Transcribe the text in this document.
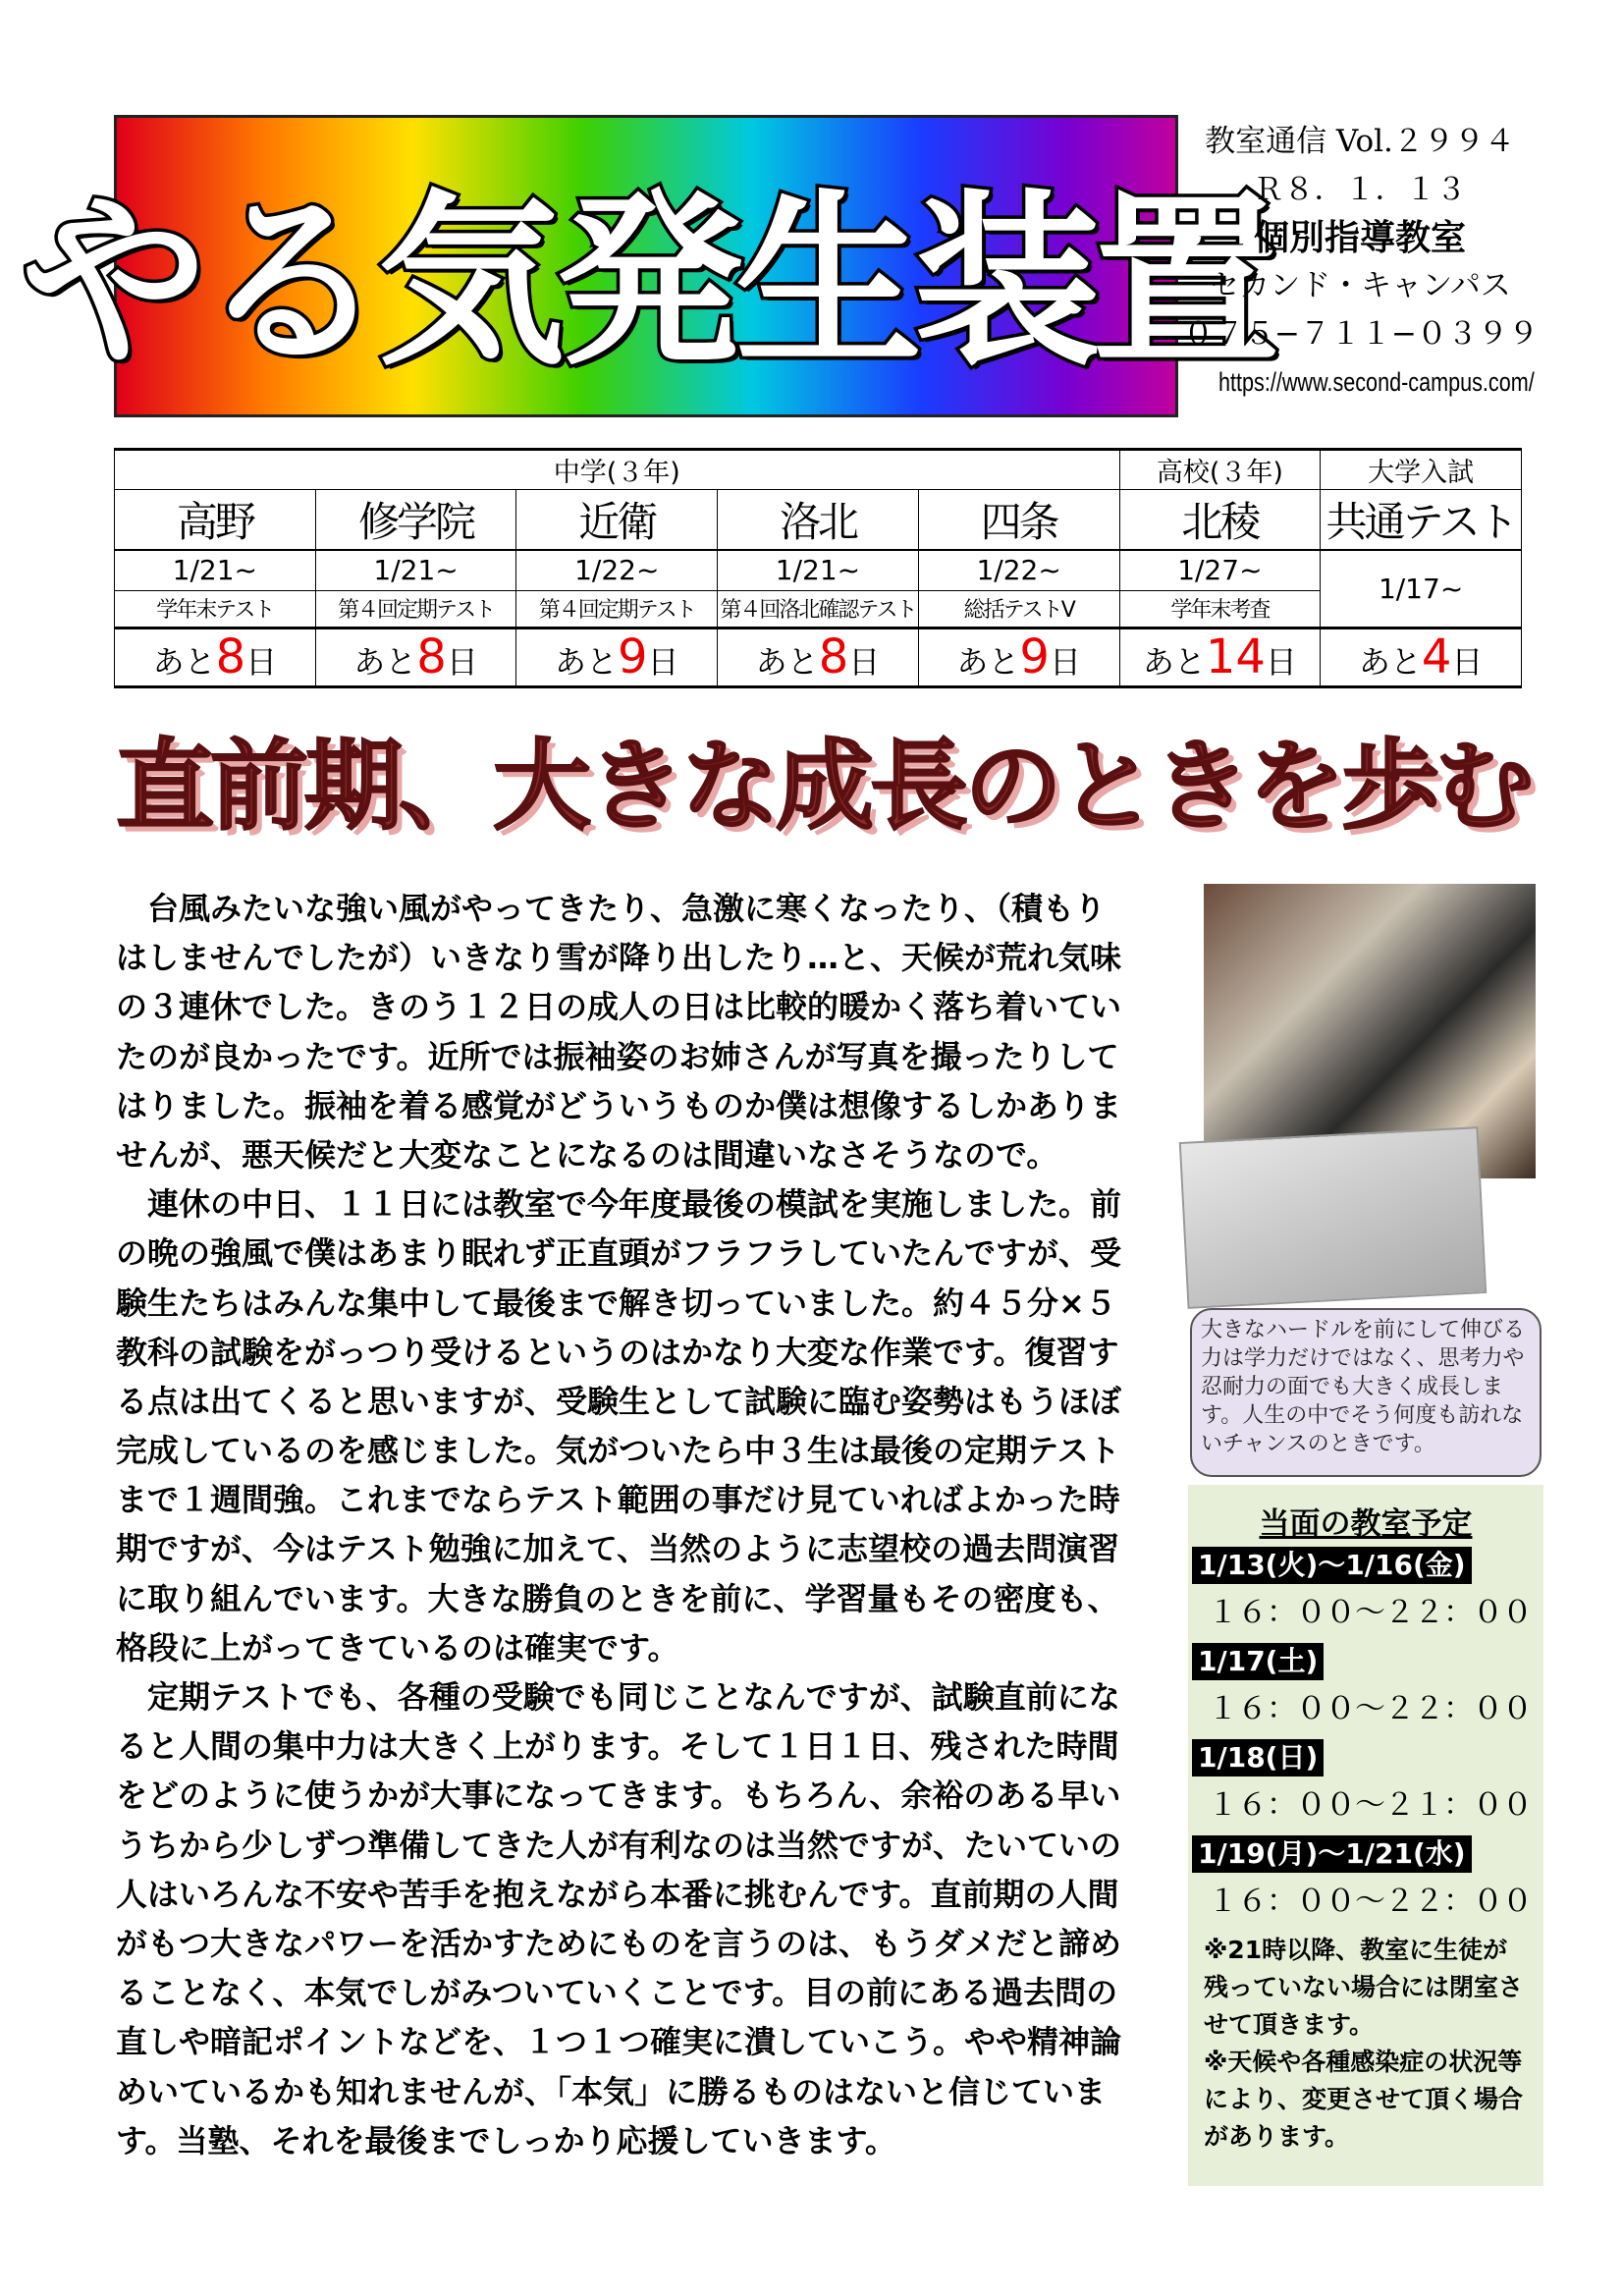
やる気発生装置
教室通信 Vol.２９９４
Ｒ８．１．１３
個別指導教室
セカンド・キャンパス
０７５−７１１−０３９９
https://www.second-campus.com/
中学(３年)					高校(３年)	大学入試
高野	修学院	近衛	洛北	四条	北稜	共通テスト
1/21~	1/21~	1/22~	1/21~	1/22~	1/27~	1/17~
学年末テスト	第４回定期テスト	第４回定期テスト	第４回洛北確認テスト	総括テストⅤ	学年末考査	
あと8日	あと8日	あと9日	あと8日	あと9日	あと14日	あと4日
直前期、大きな成長のときを歩む

　台風みたいな強い風がやってきたり、急激に寒くなったり、（積もり

はしませんでしたが）いきなり雪が降り出したり…と、天候が荒れ気味

の３連休でした。きのう１２日の成人の日は比較的暖かく落ち着いてい

たのが良かったです。近所では振袖姿のお姉さんが写真を撮ったりして

はりました。振袖を着る感覚がどういうものか僕は想像するしかありま

せんが、悪天候だと大変なことになるのは間違いなさそうなので。

　連休の中日、１１日には教室で今年度最後の模試を実施しました。前

の晩の強風で僕はあまり眠れず正直頭がフラフラしていたんですが、受

験生たちはみんな集中して最後まで解き切っていました。約４５分×５

教科の試験をがっつり受けるというのはかなり大変な作業です。復習す

る点は出てくると思いますが、受験生として試験に臨む姿勢はもうほぼ

完成しているのを感じました。気がついたら中３生は最後の定期テスト

まで１週間強。これまでならテスト範囲の事だけ見ていればよかった時

期ですが、今はテスト勉強に加えて、当然のように志望校の過去問演習

に取り組んでいます。大きな勝負のときを前に、学習量もその密度も、

格段に上がってきているのは確実です。

　定期テストでも、各種の受験でも同じことなんですが、試験直前にな

ると人間の集中力は大きく上がります。そして１日１日、残された時間

をどのように使うかが大事になってきます。もちろん、余裕のある早い

うちから少しずつ準備してきた人が有利なのは当然ですが、たいていの

人はいろんな不安や苦手を抱えながら本番に挑むんです。直前期の人間

がもつ大きなパワーを活かすためにものを言うのは、もうダメだと諦め

ることなく、本気でしがみついていくことです。目の前にある過去問の

直しや暗記ポイントなどを、１つ１つ確実に潰していこう。やや精神論

めいているかも知れませんが、「本気」に勝るものはないと信じていま

す。当塾、それを最後までしっかり応援していきます。

大きなハードルを前にして伸びる力は学力だけではなく、思考力や忍耐力の面でも大きく成長します。人生の中でそう何度も訪れないチャンスのときです。
当面の教室予定
1/13(火)～1/16(金)
１６：００～２２：００
1/17(土)
１６：００～２２：００
1/18(日)
１６：００～２１：００
1/19(月)～1/21(水)
１６：００～２２：００
※21時以降、教室に生徒が残っていない場合には閉室させて頂きます。
※天候や各種感染症の状況等により、変更させて頂く場合があります。
